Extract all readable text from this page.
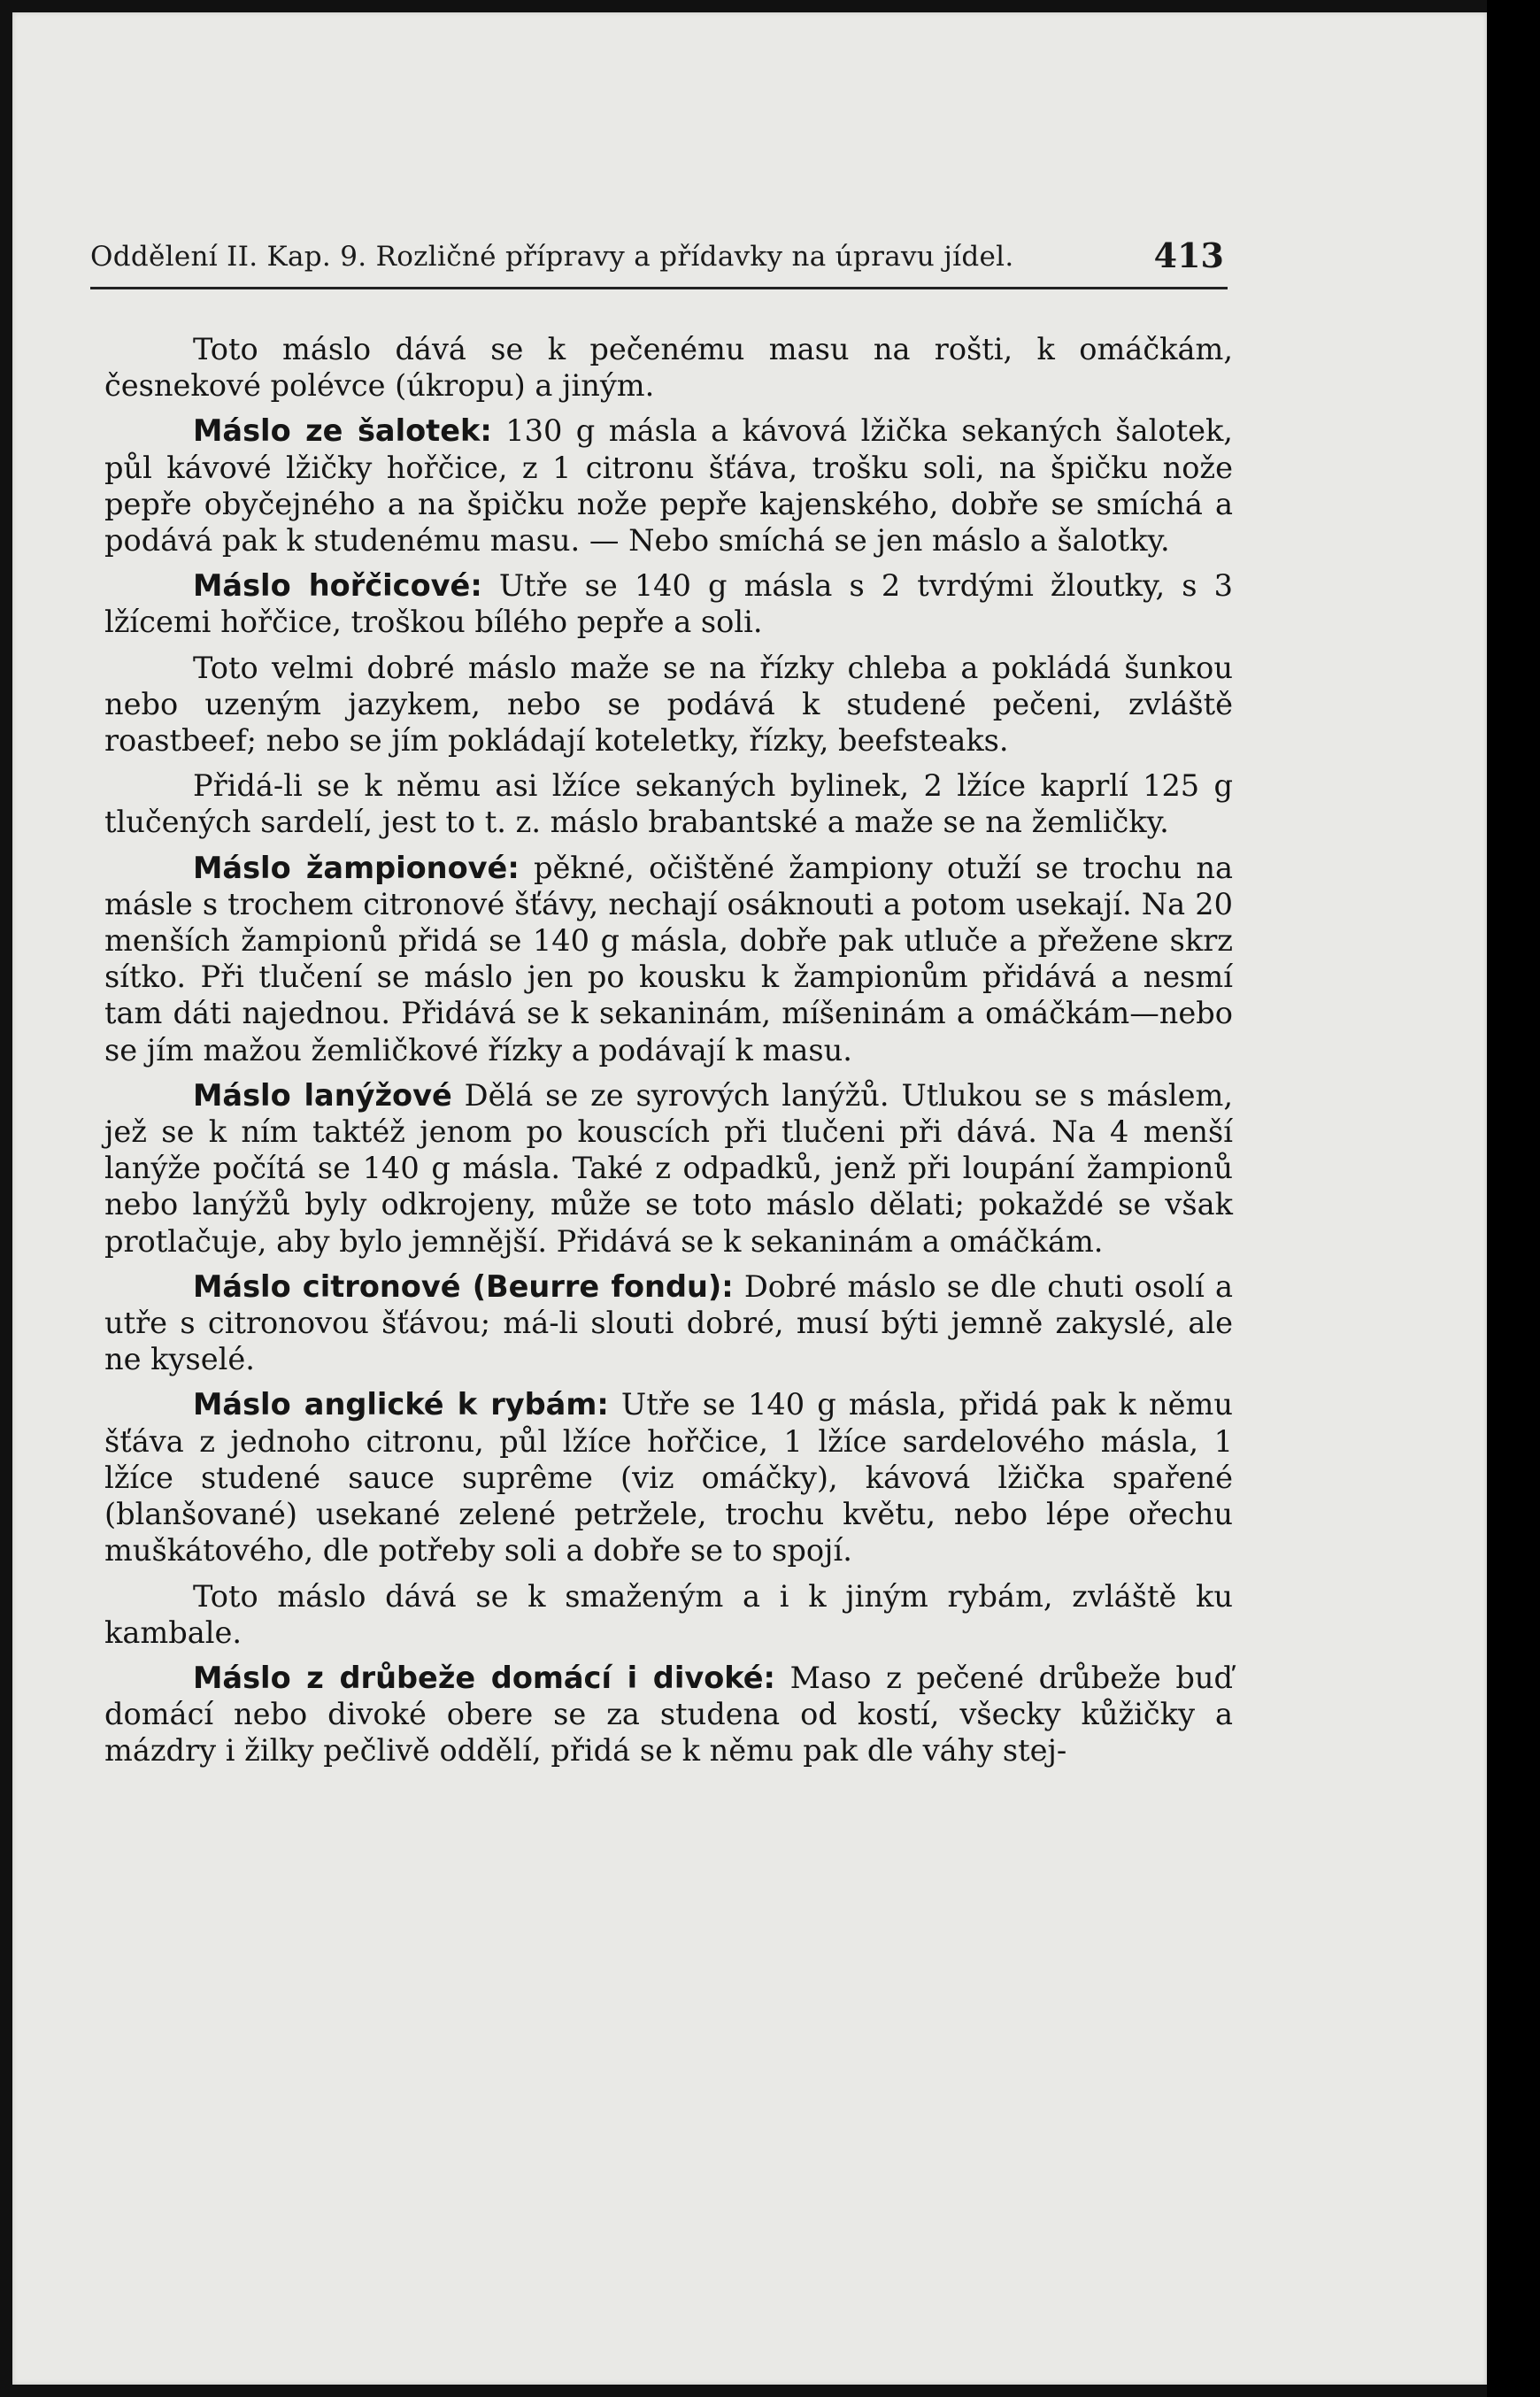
Oddělení II. Kap. 9. Rozličné přípravy a přídavky na úpravu jídel.	413

Toto máslo dává se k pečenému masu na rošti, k omáčkám, česnekové polévce (úkropu) a jiným.

Máslo ze šalotek: 130 g másla a kávová lžička sekaných šalotek, půl kávové lžičky hořčice, z 1 citronu šťáva, trošku soli, na špičku nože pepře obyčejného a na špičku nože pepře kajenského, dobře se smíchá a podává pak k studenému masu. — Nebo smíchá se jen máslo a šalotky.

Máslo hořčicové: Utře se 140 g másla s 2 tvrdými žloutky, s 3 lžícemi hořčice, troškou bílého pepře a soli.

Toto velmi dobré máslo maže se na řízky chleba a pokládá šunkou nebo uzeným jazykem, nebo se podává k studené pečeni, zvláště roastbeef; nebo se jím pokládají koteletky, řízky, beefsteaks.

Přidá-li se k němu asi lžíce sekaných bylinek, 2 lžíce kaprlí 125 g tlučených sardelí, jest to t. z. máslo brabantské a maže se na žemličky.

Máslo žampionové: pěkné, očištěné žampiony otuží se trochu na másle s trochem citronové šťávy, nechají osáknouti a potom usekají. Na 20 menších žampionů přidá se 140 g másla, dobře pak utluče a přežene skrz sítko. Při tlučení se máslo jen po kousku k žampionům přidává a nesmí tam dáti najednou. Přidává se k sekaninám, míšeninám a omáčkám—nebo se jím mažou žemličkové řízky a podávají k masu.

Máslo lanýžové Dělá se ze syrových lanýžů. Utlukou se s máslem, jež se k ním taktéž jenom po kouscích při tlučeni při dává. Na 4 menší lanýže počítá se 140 g másla. Také z odpadků, jenž při loupání žampionů nebo lanýžů byly odkrojeny, může se toto máslo dělati; pokaždé se však protlačuje, aby bylo jemnější. Přidává se k sekaninám a omáčkám.

Máslo citronové (Beurre fondu): Dobré máslo se dle chuti osolí a utře s citronovou šťávou; má-li slouti dobré, musí býti jemně zakyslé, ale ne kyselé.

Máslo anglické k rybám: Utře se 140 g másla, přidá pak k němu šťáva z jednoho citronu, půl lžíce hořčice, 1 lžíce sardelového másla, 1 lžíce studené sauce suprême (viz omáčky), kávová lžička spařené (blanšované) usekané zelené petržele, trochu květu, nebo lépe ořechu muškátového, dle potřeby soli a dobře se to spojí.

Toto máslo dává se k smaženým a i k jiným rybám, zvláště ku kambale.

Máslo z drůbeže domácí i divoké: Maso z pečené drůbeže buď domácí nebo divoké obere se za studena od kostí, všecky kůžičky a mázdry i žilky pečlivě oddělí, přidá se k němu pak dle váhy stej-
